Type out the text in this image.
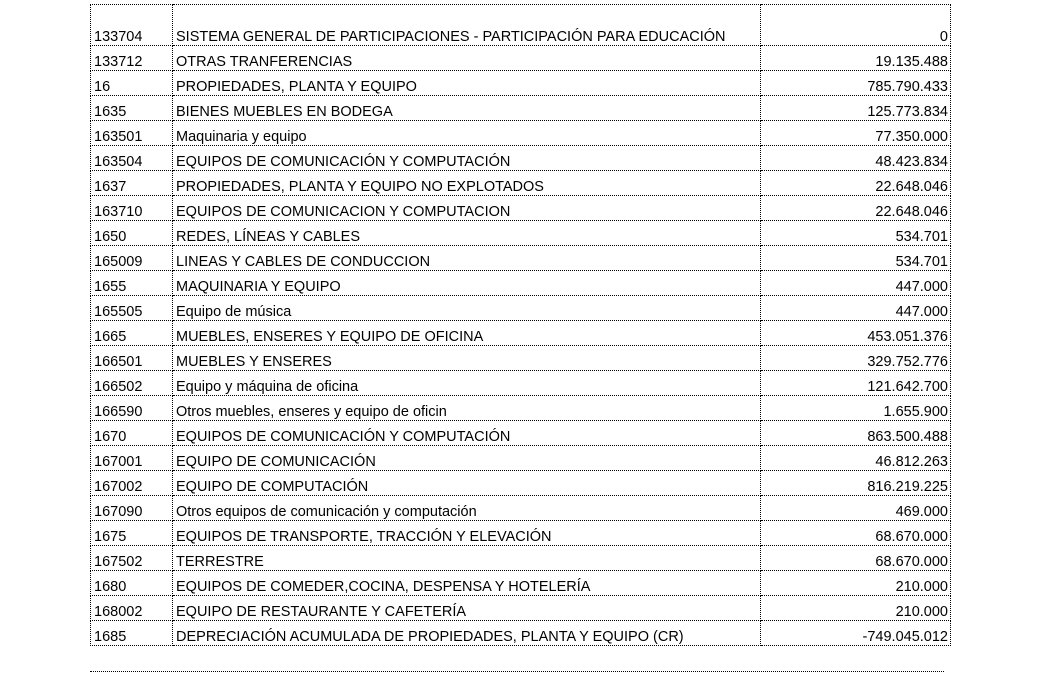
133704	SISTEMA GENERAL DE PARTICIPACIONES - PARTICIPACIÓN PARA EDUCACIÓN	0
133712	OTRAS TRANFERENCIAS	19.135.488
16	PROPIEDADES, PLANTA Y EQUIPO	785.790.433
1635	BIENES MUEBLES EN BODEGA	125.773.834
163501	Maquinaria y equipo	77.350.000
163504	EQUIPOS DE COMUNICACIÓN Y COMPUTACIÓN	48.423.834
1637	PROPIEDADES, PLANTA Y EQUIPO NO EXPLOTADOS	22.648.046
163710	EQUIPOS DE COMUNICACION Y COMPUTACION	22.648.046
1650	REDES, LÍNEAS Y CABLES	534.701
165009	LINEAS Y CABLES DE CONDUCCION	534.701
1655	MAQUINARIA Y EQUIPO	447.000
165505	Equipo de música	447.000
1665	MUEBLES, ENSERES Y EQUIPO DE OFICINA	453.051.376
166501	MUEBLES Y ENSERES	329.752.776
166502	Equipo y máquina de oficina	121.642.700
166590	Otros muebles, enseres y equipo de oficin	1.655.900
1670	EQUIPOS DE COMUNICACIÓN Y COMPUTACIÓN	863.500.488
167001	EQUIPO DE COMUNICACIÓN	46.812.263
167002	EQUIPO DE COMPUTACIÓN	816.219.225
167090	Otros equipos de comunicación y computación	469.000
1675	EQUIPOS DE TRANSPORTE, TRACCIÓN Y ELEVACIÓN	68.670.000
167502	TERRESTRE	68.670.000
1680	EQUIPOS DE COMEDER,COCINA, DESPENSA Y HOTELERÍA	210.000
168002	EQUIPO DE RESTAURANTE Y CAFETERÍA	210.000
1685	DEPRECIACIÓN ACUMULADA DE PROPIEDADES, PLANTA Y EQUIPO (CR)	-749.045.012
